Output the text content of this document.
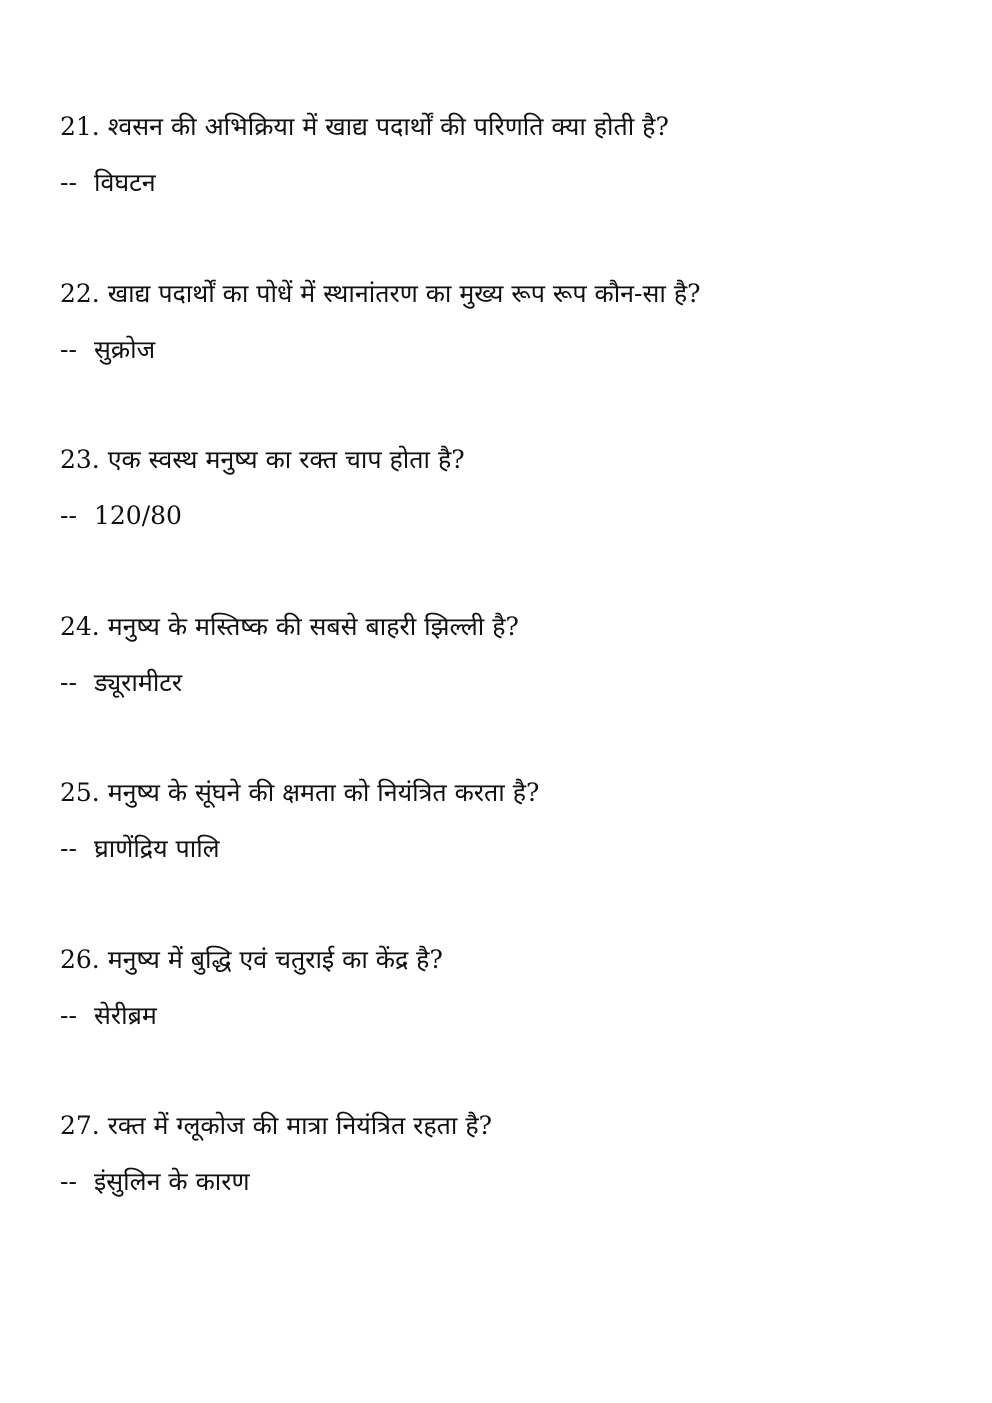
21. श्वसन की अभिक्रिया में खाद्य पदार्थों की परिणति क्या होती है?
-- विघटन
22. खाद्य पदार्थों का पोधें में स्थानांतरण का मुख्य रूप रूप कौन-सा है?
-- सुक्रोज
23. एक स्वस्थ मनुष्य का रक्त चाप होता है?
-- 120/80
24. मनुष्य के मस्तिष्क की सबसे बाहरी झिल्ली है?
-- ड्यूरामीटर
25. मनुष्य के सूंघने की क्षमता को नियंत्रित करता है?
-- घ्राणेंद्रिय पालि
26. मनुष्य में बुद्धि एवं चतुराई का केंद्र है?
-- सेरीब्रम
27. रक्त में ग्लूकोज की मात्रा नियंत्रित रहता है?
-- इंसुलिन के कारण
